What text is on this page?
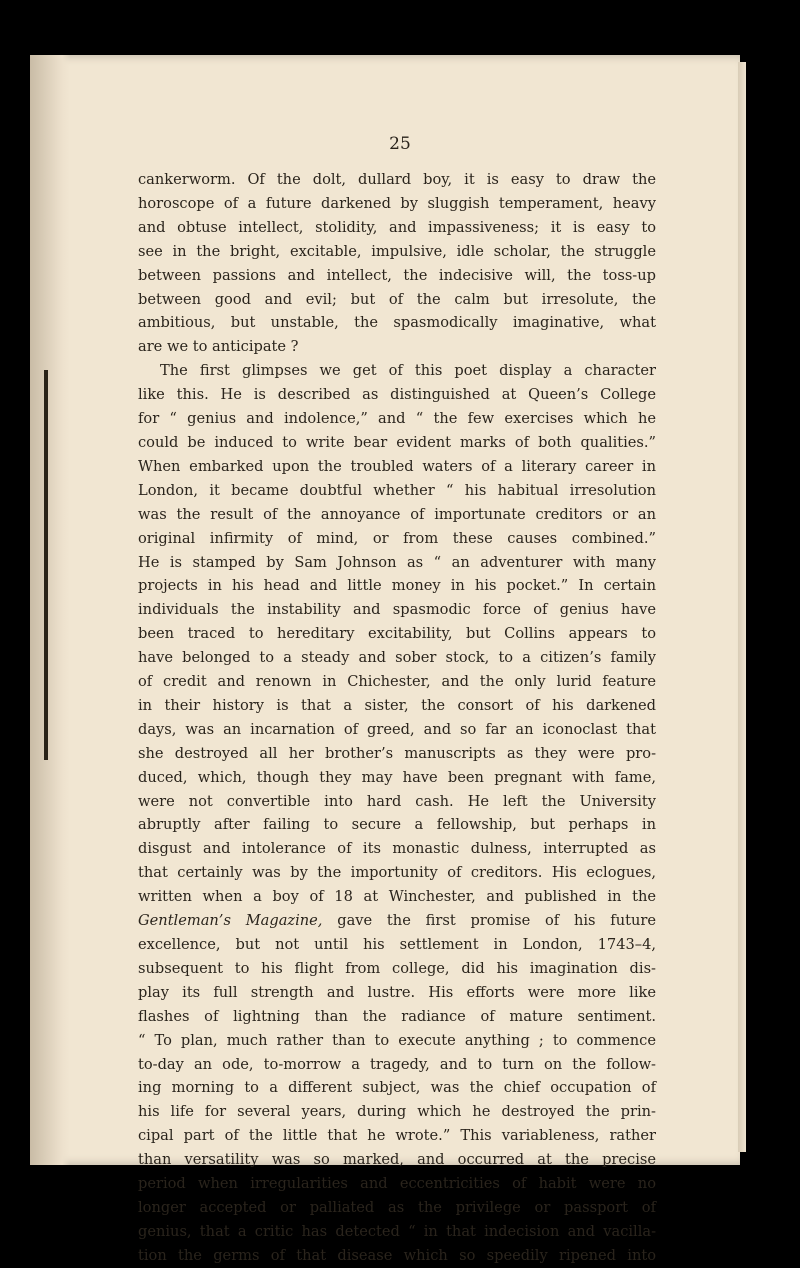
25

cankerworm. Of the dolt, dullard boy, it is easy to draw the
horoscope of a future darkened by sluggish temperament, heavy
and obtuse intellect, stolidity, and impassiveness; it is easy to
see in the bright, excitable, impulsive, idle scholar, the struggle
between passions and intellect, the indecisive will, the toss-up
between good and evil; but of the calm but irresolute, the
ambitious, but unstable, the spasmodically imaginative, what
are we to anticipate ?
The first glimpses we get of this poet display a character
like this. He is described as distinguished at Queen’s College
for “ genius and indolence,” and “ the few exercises which he
could be induced to write bear evident marks of both qualities.”
When embarked upon the troubled waters of a literary career in
London, it became doubtful whether “ his habitual irresolution
was the result of the annoyance of importunate creditors or an
original infirmity of mind, or from these causes combined.”
He is stamped by Sam Johnson as “ an adventurer with many
projects in his head and little money in his pocket.” In certain
individuals the instability and spasmodic force of genius have
been traced to hereditary excitability, but Collins appears to
have belonged to a steady and sober stock, to a citizen’s family
of credit and renown in Chichester, and the only lurid feature
in their history is that a sister, the consort of his darkened
days, was an incarnation of greed, and so far an iconoclast that
she destroyed all her brother’s manuscripts as they were pro-
duced, which, though they may have been pregnant with fame,
were not convertible into hard cash. He left the University
abruptly after failing to secure a fellowship, but perhaps in
disgust and intolerance of its monastic dulness, interrupted as
that certainly was by the importunity of creditors. His eclogues,
written when a boy of 18 at Winchester, and published in the
Gentleman’s Magazine, gave the first promise of his future
excellence, but not until his settlement in London, 1743–4,
subsequent to his flight from college, did his imagination dis-
play its full strength and lustre. His efforts were more like
flashes of lightning than the radiance of mature sentiment.
“ To plan, much rather than to execute anything ; to commence
to-day an ode, to-morrow a tragedy, and to turn on the follow-
ing morning to a different subject, was the chief occupation of
his life for several years, during which he destroyed the prin-
cipal part of the little that he wrote.” This variableness, rather
than versatility was so marked, and occurred at the precise
period when irregularities and eccentricities of habit were no
longer accepted or palliated as the privilege or passport of
genius, that a critic has detected “ in that indecision and vacilla-
tion the germs of that disease which so speedily ripened into
